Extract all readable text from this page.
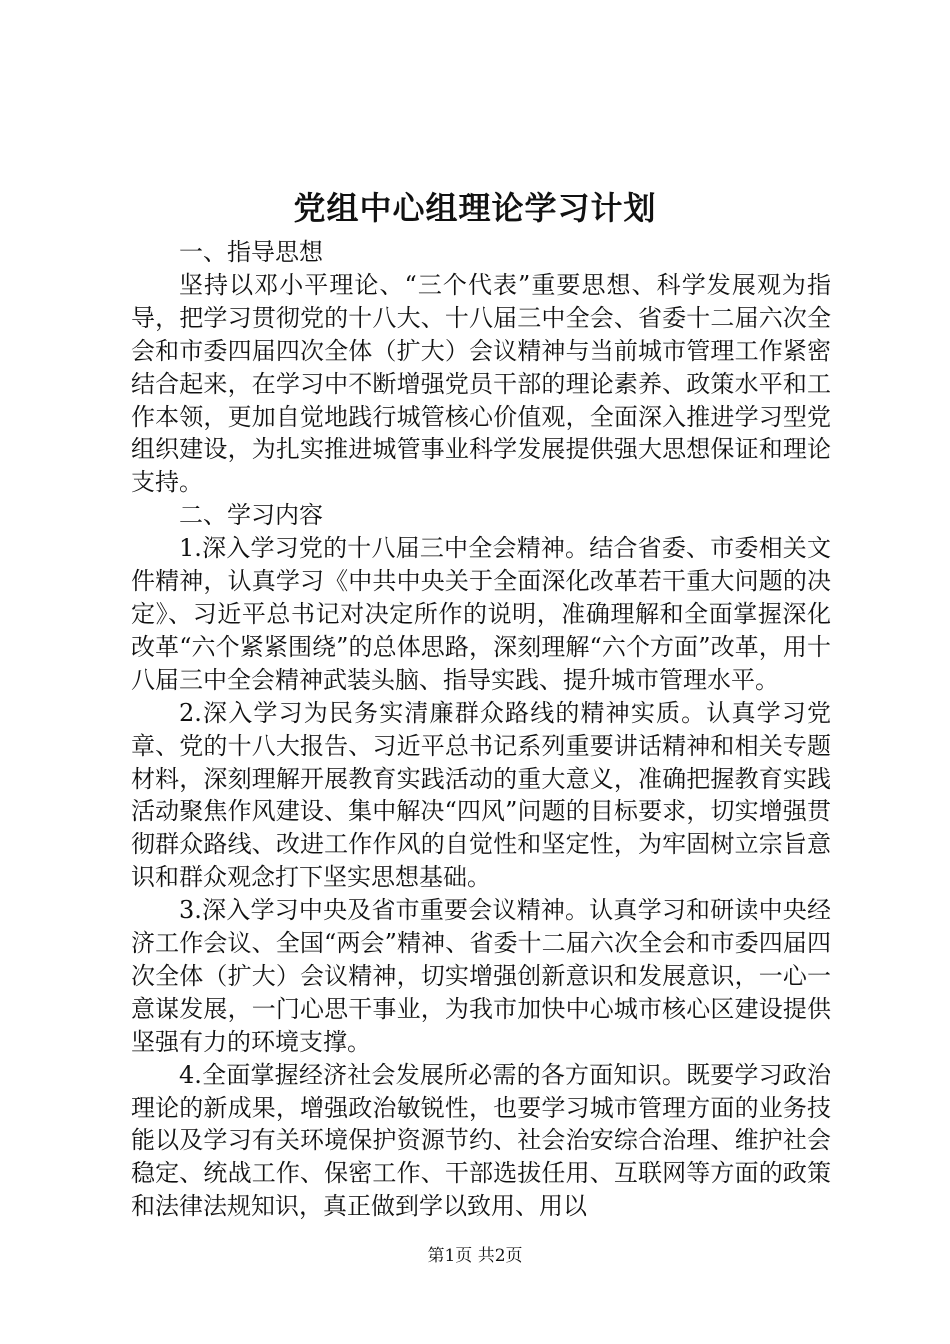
党组中心组理论学习计划

一、指导思想

坚持以邓小平理论、“三个代表”重要思想、科学发展观为指导，把学习贯彻党的十八大、十八届三中全会、省委十二届六次全会和市委四届四次全体（扩大）会议精神与当前城市管理工作紧密结合起来，在学习中不断增强党员干部的理论素养、政策水平和工作本领，更加自觉地践行城管核心价值观，全面深入推进学习型党组织建设，为扎实推进城管事业科学发展提供强大思想保证和理论支持。

二、学习内容

1.深入学习党的十八届三中全会精神。结合省委、市委相关文件精神，认真学习《中共中央关于全面深化改革若干重大问题的决定》、习近平总书记对决定所作的说明，准确理解和全面掌握深化改革“六个紧紧围绕”的总体思路，深刻理解“六个方面”改革，用十八届三中全会精神武装头脑、指导实践、提升城市管理水平。

2.深入学习为民务实清廉群众路线的精神实质。认真学习党章、党的十八大报告、习近平总书记系列重要讲话精神和相关专题材料，深刻理解开展教育实践活动的重大意义，准确把握教育实践活动聚焦作风建设、集中解决“四风”问题的目标要求，切实增强贯彻群众路线、改进工作作风的自觉性和坚定性，为牢固树立宗旨意识和群众观念打下坚实思想基础。

3.深入学习中央及省市重要会议精神。认真学习和研读中央经济工作会议、全国“两会”精神、省委十二届六次全会和市委四届四次全体（扩大）会议精神，切实增强创新意识和发展意识，一心一意谋发展，一门心思干事业，为我市加快中心城市核心区建设提供坚强有力的环境支撑。

4.全面掌握经济社会发展所必需的各方面知识。既要学习政治理论的新成果，增强政治敏锐性，也要学习城市管理方面的业务技能以及学习有关环境保护资源节约、社会治安综合治理、维护社会稳定、统战工作、保密工作、干部选拔任用、互联网等方面的政策和法律法规知识，真正做到学以致用、用以

第1页 共2页
